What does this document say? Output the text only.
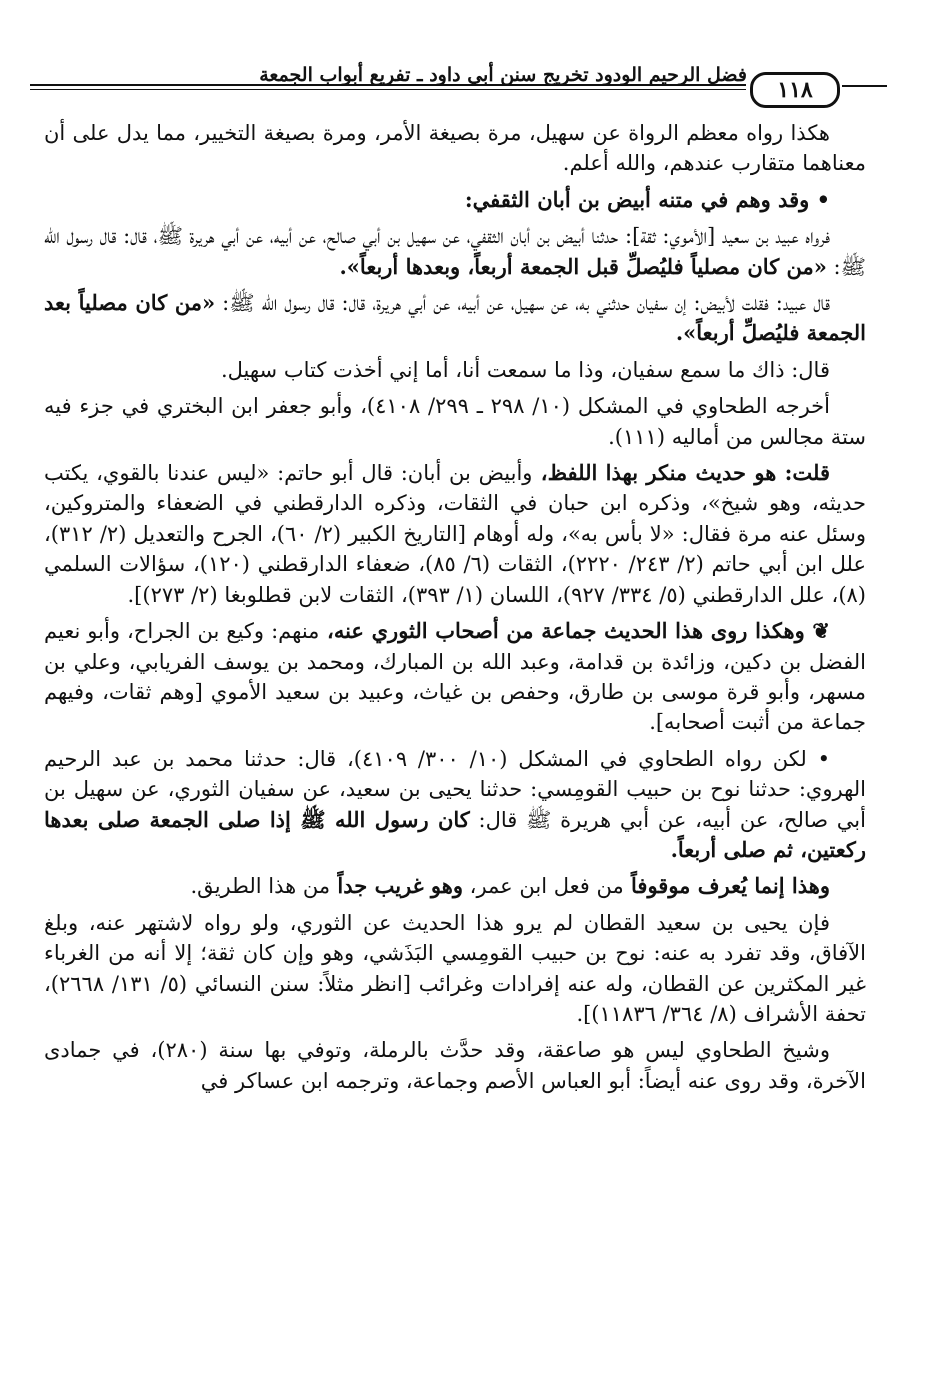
١١٨
فضل الرحيم الودود تخريج سنن أبي داود ـ تفريع أبواب الجمعة

هكذا رواه معظم الرواة عن سهيل، مرة بصيغة الأمر، ومرة بصيغة التخيير، مما يدل على أن معناهما متقارب عندهم، والله أعلم.

• وقد وهم في متنه أبيض بن أبان الثقفي:

فرواه عبيد بن سعيد [الأموي: ثقة]: حدثنا أبيض بن أبان الثقفي، عن سهيل بن أبي صالح، عن أبيه، عن أبي هريرة ﷺ، قال: قال رسول الله ﷺ: «من كان مصلياً فليُصلِّ قبل الجمعة أربعاً، وبعدها أربعاً».

قال عبيد: فقلت لأبيض: إن سفيان حدثني به، عن سهيل، عن أبيه، عن أبي هريرة، قال: قال رسول الله ﷺ: «من كان مصلياً بعد الجمعة فليُصلِّ أربعاً».

قال: ذاك ما سمع سفيان، وذا ما سمعت أنا، أما إني أخذت كتاب سهيل.

أخرجه الطحاوي في المشكل (١٠/ ٢٩٨ ـ ٢٩٩/ ٤١٠٨)، وأبو جعفر ابن البختري في جزء فيه ستة مجالس من أماليه (١١١).

قلت: هو حديث منكر بهذا اللفظ، وأبيض بن أبان: قال أبو حاتم: «ليس عندنا بالقوي، يكتب حديثه، وهو شيخ»، وذكره ابن حبان في الثقات، وذكره الدارقطني في الضعفاء والمتروكين، وسئل عنه مرة فقال: «لا بأس به»، وله أوهام [التاريخ الكبير (٢/ ٦٠)، الجرح والتعديل (٢/ ٣١٢)، علل ابن أبي حاتم (٢/ ٢٤٣/ ٢٢٢٠)، الثقات (٦/ ٨٥)، ضعفاء الدارقطني (١٢٠)، سؤالات السلمي (٨)، علل الدارقطني (٥/ ٣٣٤/ ٩٢٧)، اللسان (١/ ٣٩٣)، الثقات لابن قطلوبغا (٢/ ٢٧٣)].

❦ وهكذا روى هذا الحديث جماعة من أصحاب الثوري عنه، منهم: وكيع بن الجراح، وأبو نعيم الفضل بن دكين، وزائدة بن قدامة، وعبد الله بن المبارك، ومحمد بن يوسف الفريابي، وعلي بن مسهر، وأبو قرة موسى بن طارق، وحفص بن غياث، وعبيد بن سعيد الأموي [وهم ثقات، وفيهم جماعة من أثبت أصحابه].

• لكن رواه الطحاوي في المشكل (١٠/ ٣٠٠/ ٤١٠٩)، قال: حدثنا محمد بن عبد الرحيم الهروي: حدثنا نوح بن حبيب القومِسي: حدثنا يحيى بن سعيد، عن سفيان الثوري، عن سهيل بن أبي صالح، عن أبيه، عن أبي هريرة ﷺ قال: كان رسول الله ﷺ إذا صلى الجمعة صلى بعدها ركعتين، ثم صلى أربعاً.

وهذا إنما يُعرف موقوفاً من فعل ابن عمر، وهو غريب جداً من هذا الطريق.

فإن يحيى بن سعيد القطان لم يرو هذا الحديث عن الثوري، ولو رواه لاشتهر عنه، وبلغ الآفاق، وقد تفرد به عنه: نوح بن حبيب القومِسي البَذَشي، وهو وإن كان ثقة؛ إلا أنه من الغرباء غير المكثرين عن القطان، وله عنه إفرادات وغرائب [انظر مثلاً: سنن النسائي (٥/ ١٣١/ ٢٦٦٨)، تحفة الأشراف (٨/ ٣٦٤/ ١١٨٣٦)].

وشيخ الطحاوي ليس هو صاعقة، وقد حدَّث بالرملة، وتوفي بها سنة (٢٨٠)، في جمادى الآخرة، وقد روى عنه أيضاً: أبو العباس الأصم وجماعة، وترجمه ابن عساكر في
